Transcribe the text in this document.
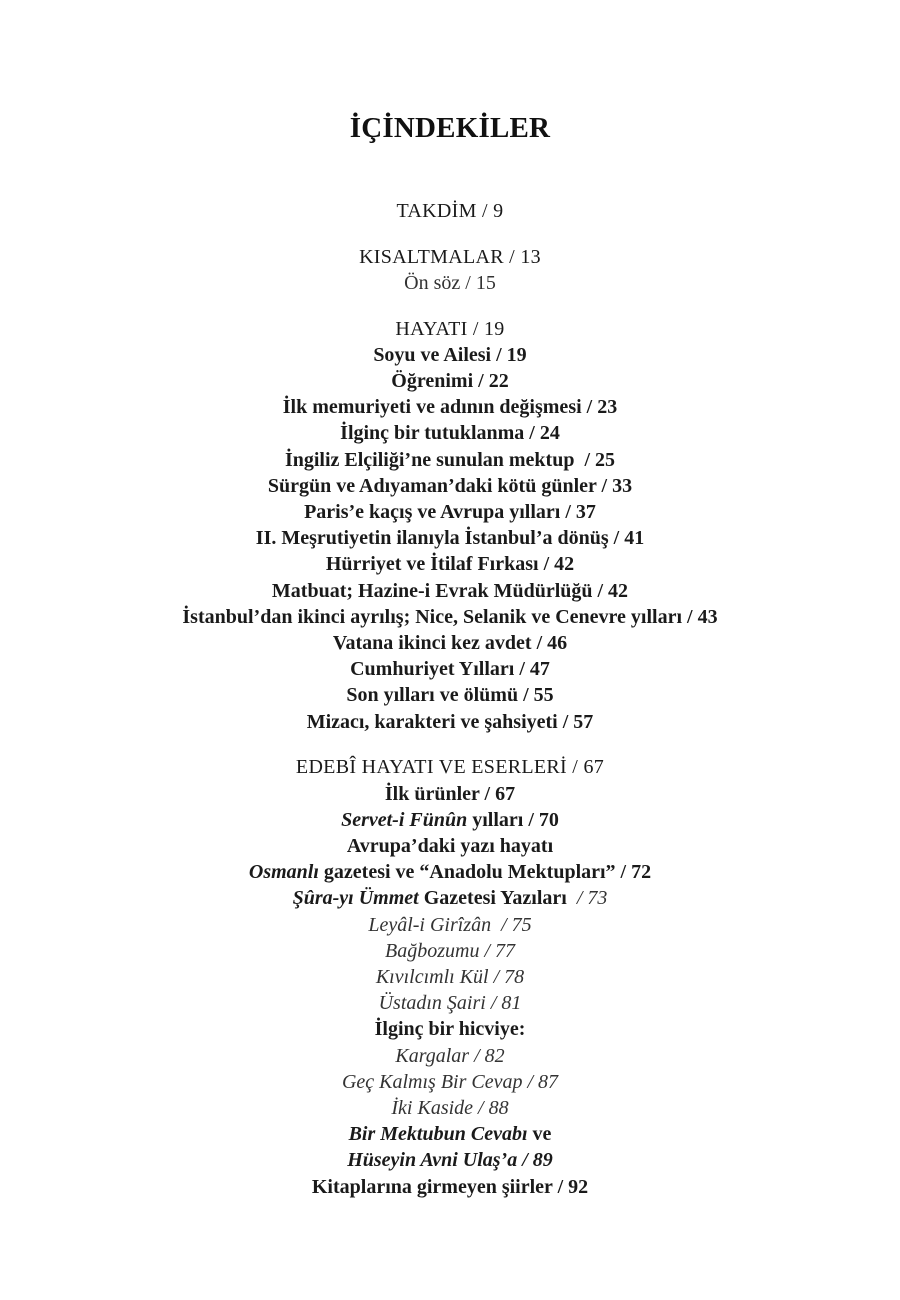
İÇİNDEKİLER
TAKDİM / 9
KISALTMALAR / 13
Ön söz / 15
HAYATI / 19
Soyu ve Ailesi / 19
Öğrenimi / 22
İlk memuriyeti ve adının değişmesi / 23
İlginç bir tutuklanma / 24
İngiliz Elçiliği’ne sunulan mektup  / 25
Sürgün ve Adıyaman’daki kötü günler / 33
Paris’e kaçış ve Avrupa yılları / 37
II. Meşrutiyetin ilanıyla İstanbul’a dönüş / 41
Hürriyet ve İtilaf Fırkası / 42
Matbuat; Hazine-i Evrak Müdürlüğü / 42
İstanbul’dan ikinci ayrılış; Nice, Selanik ve Cenevre yılları / 43
Vatana ikinci kez avdet / 46
Cumhuriyet Yılları / 47
Son yılları ve ölümü / 55
Mizacı, karakteri ve şahsiyeti / 57
EDEBÎ HAYATI VE ESERLERİ / 67
İlk ürünler / 67
Servet-i Fünûn yılları / 70
Avrupa’daki yazı hayatı
Osmanlı gazetesi ve “Anadolu Mektupları” / 72
Şûra-yı Ümmet Gazetesi Yazıları  / 73
Leyâl-i Girîzân  / 75
Bağbozumu / 77
Kıvılcımlı Kül / 78
Üstadın Şairi / 81
İlginç bir hicviye:
Kargalar / 82
Geç Kalmış Bir Cevap / 87
İki Kaside / 88
Bir Mektubun Cevabı ve
Hüseyin Avni Ulaş’a / 89
Kitaplarına girmeyen şiirler / 92
